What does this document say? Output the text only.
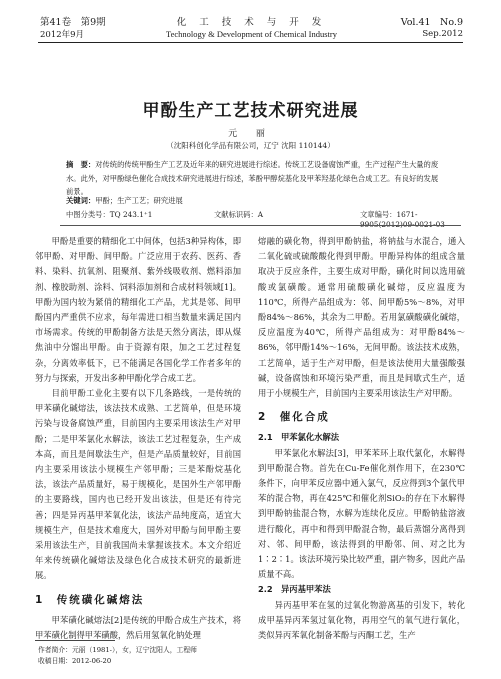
第41卷　第9期	化 工 技 术 与 开 发	Vol.41　No.9
2012年9月	Technology & Development of Chemical Industry	Sep.2012
甲酚生产工艺技术研究进展
元 丽
（沈阳科创化学品有限公司，辽宁 沈阳 110144）
摘　要：对传统的传统甲酚生产工艺及近年来的研究进展进行综述。传统工艺设备腐蚀严重，生产过程产生大量的废水。此外，对甲酚绿色催化合成技术研究进展进行综述，苯酚甲醇烷基化及甲苯羟基化绿色合成工艺。有良好的发展前景。
关键词：甲酚；生产工艺；研究进展
中图分类号：TQ 243.1⁺1	文献标识码：A	文章编号：1671-9905(2012)09-0021-03

甲酚是重要的精细化工中间体，包括3种异构体，即邻甲酚、对甲酚、间甲酚。广泛应用于农药、医药、香料、染料、抗氧剂、阻聚剂、紫外线吸收剂、燃料添加剂、橡胶助剂、涂料、饲料添加剂和合成材料领域[1]。甲酚为国内较为紧俏的精细化工产品，尤其是邻、间甲酚国内严重供不应求，每年需进口相当数量来满足国内市场需求。传统的甲酚制备方法是天然分离法，即从煤焦油中分馏出甲酚。由于资源有限，加之工艺过程复杂，分离效率低下，已不能满足各国化学工作者多年的努力与探索，开发出多种甲酚化学合成工艺。

目前甲酚工业化主要有以下几条路线，一是传统的甲苯磺化碱熔法，该法技术成熟、工艺简单，但是环境污染与设备腐蚀严重，目前国内主要采用该法生产对甲酚；二是甲苯氯化水解法，该法工艺过程复杂，生产成本高，而且是间歇法生产，但是产品质量较好，目前国内主要采用该法小规模生产邻甲酚；三是苯酚烷基化法，该法产品质量好，易于规模化，是国外生产邻甲酚的主要路线，国内也已经开发出该法，但是还有待完善；四是异丙基甲苯氧化法，该法产品纯度高，适宜大规模生产，但是技术难度大，国外对甲酚与间甲酚主要采用该法生产，目前我国尚未掌握该技术。本文介绍近年来传统磺化碱熔法及绿色化合成技术研究的最新进展。

1　传统磺化碱熔法

甲苯磺化碱熔法[2]是传统的甲酚合成生产技术，将甲苯磺化制得甲苯磺酸，然后用氢氧化钠处理

熔融的磺化物，得到甲酚钠盐，将钠盐与水混合，通入二氧化硫或硫酸酸化得到甲酚。甲酚异构体的组成含量取决于反应条件，主要生成对甲酚，磺化时间以选用硫酸或氯磺酸。通常用硫酸磺化碱熔，反应温度为110℃，所得产品组成为：邻、间甲酚5%～8%，对甲酚84%～86%，其余为二甲酚。若用氯磺酸磺化碱熔，反应温度为40℃，所得产品组成为：对甲酚84%～86%，邻甲酚14%～16%，无间甲酚。该法技术成熟，工艺简单，适于生产对甲酚，但是该法使用大量强酸强碱，设备腐蚀和环境污染严重，而且是间歇式生产，适用于小规模生产，目前国内主要采用该法生产对甲酚。

2　催化合成

2.1　甲苯氯化水解法

甲苯氯化水解法[3]，甲苯苯环上取代氯化，水解得到甲酚混合物。首先在Cu-Fe催化剂作用下，在230℃条件下，向甲苯反应器中通入氯气，反应得到3个氯代甲苯的混合物，再在425℃和催化剂SiO₂的存在下水解得到甲酚钠盐混合物，水解为连续化反应。甲酚钠盐溶液进行酸化，再中和得到甲酚混合物，最后蒸馏分离得到对、邻、间甲酚，该法得到的甲酚邻、间、对之比为1∶2∶1。该法环境污染比较严重，副产物多，因此产品质量不高。

2.2　异丙基甲苯法

异丙基甲苯在氢的过氧化物游离基的引发下，转化成甲基异丙苯氢过氧化物，再用空气的氧气进行氧化，类似异丙苯氧化制备苯酚与丙酮工艺，生产

作者简介：元丽（1981-），女，辽宁沈阳人，工程师
收稿日期：2012-06-20
